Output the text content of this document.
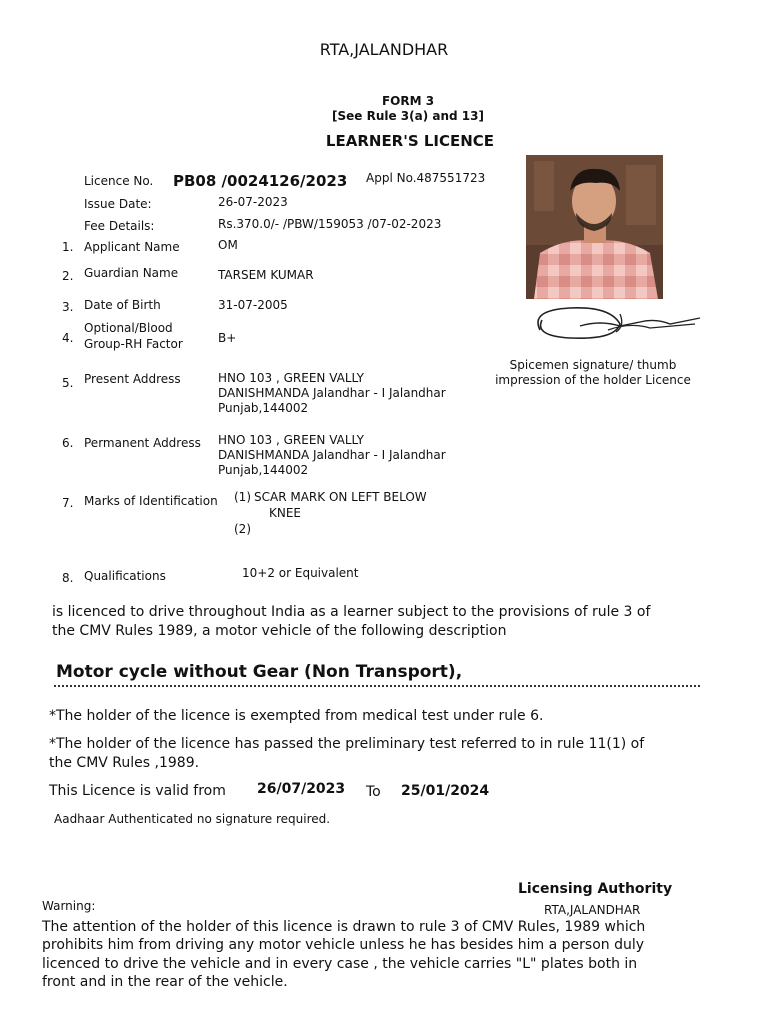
RTA,JALANDHAR
FORM 3
[See Rule 3(a) and 13]
LEARNER'S LICENCE
Licence No. PB08 /0024126/2023 Appl No.487551723
Issue Date:	26-07-2023
Fee Details:	Rs.370.0/- /PBW/159053 /07-02-2023
1. Applicant Name	OM
2. Guardian Name	TARSEM KUMAR
3. Date of Birth	31-07-2005
4.
Optional/Blood
Group-RH Factor	B+
5. Present Address	HNO 103 , GREEN VALLY
DANISHMANDA Jalandhar - I Jalandhar
Punjab,144002
6. Permanent Address HNO 103 , GREEN VALLY
DANISHMANDA Jalandhar - I Jalandhar
Punjab,144002
7. Marks of Identification (1) SCAR MARK ON LEFT BELOW
KNEE
(2)
8. Qualifications	10+2 or Equivalent
Spicemen signature/ thumb
impression of the holder Licence
is licenced to drive throughout India as a learner subject to the provisions of rule 3 of
the CMV Rules 1989, a motor vehicle of the following description
Motor cycle without Gear (Non Transport),
*The holder of the licence is exempted from medical test under rule 6.
*The holder of the licence has passed the preliminary test referred to in rule 11(1) of
the CMV Rules ,1989.
This Licence is valid from 26/07/2023 To 25/01/2024
Aadhaar Authenticated no signature required.
Licensing Authority
RTA,JALANDHAR
Warning:
The attention of the holder of this licence is drawn to rule 3 of CMV Rules, 1989 which
prohibits him from driving any motor vehicle unless he has besides him a person duly
licenced to drive the vehicle and in every case , the vehicle carries "L" plates both in
front and in the rear of the vehicle.
